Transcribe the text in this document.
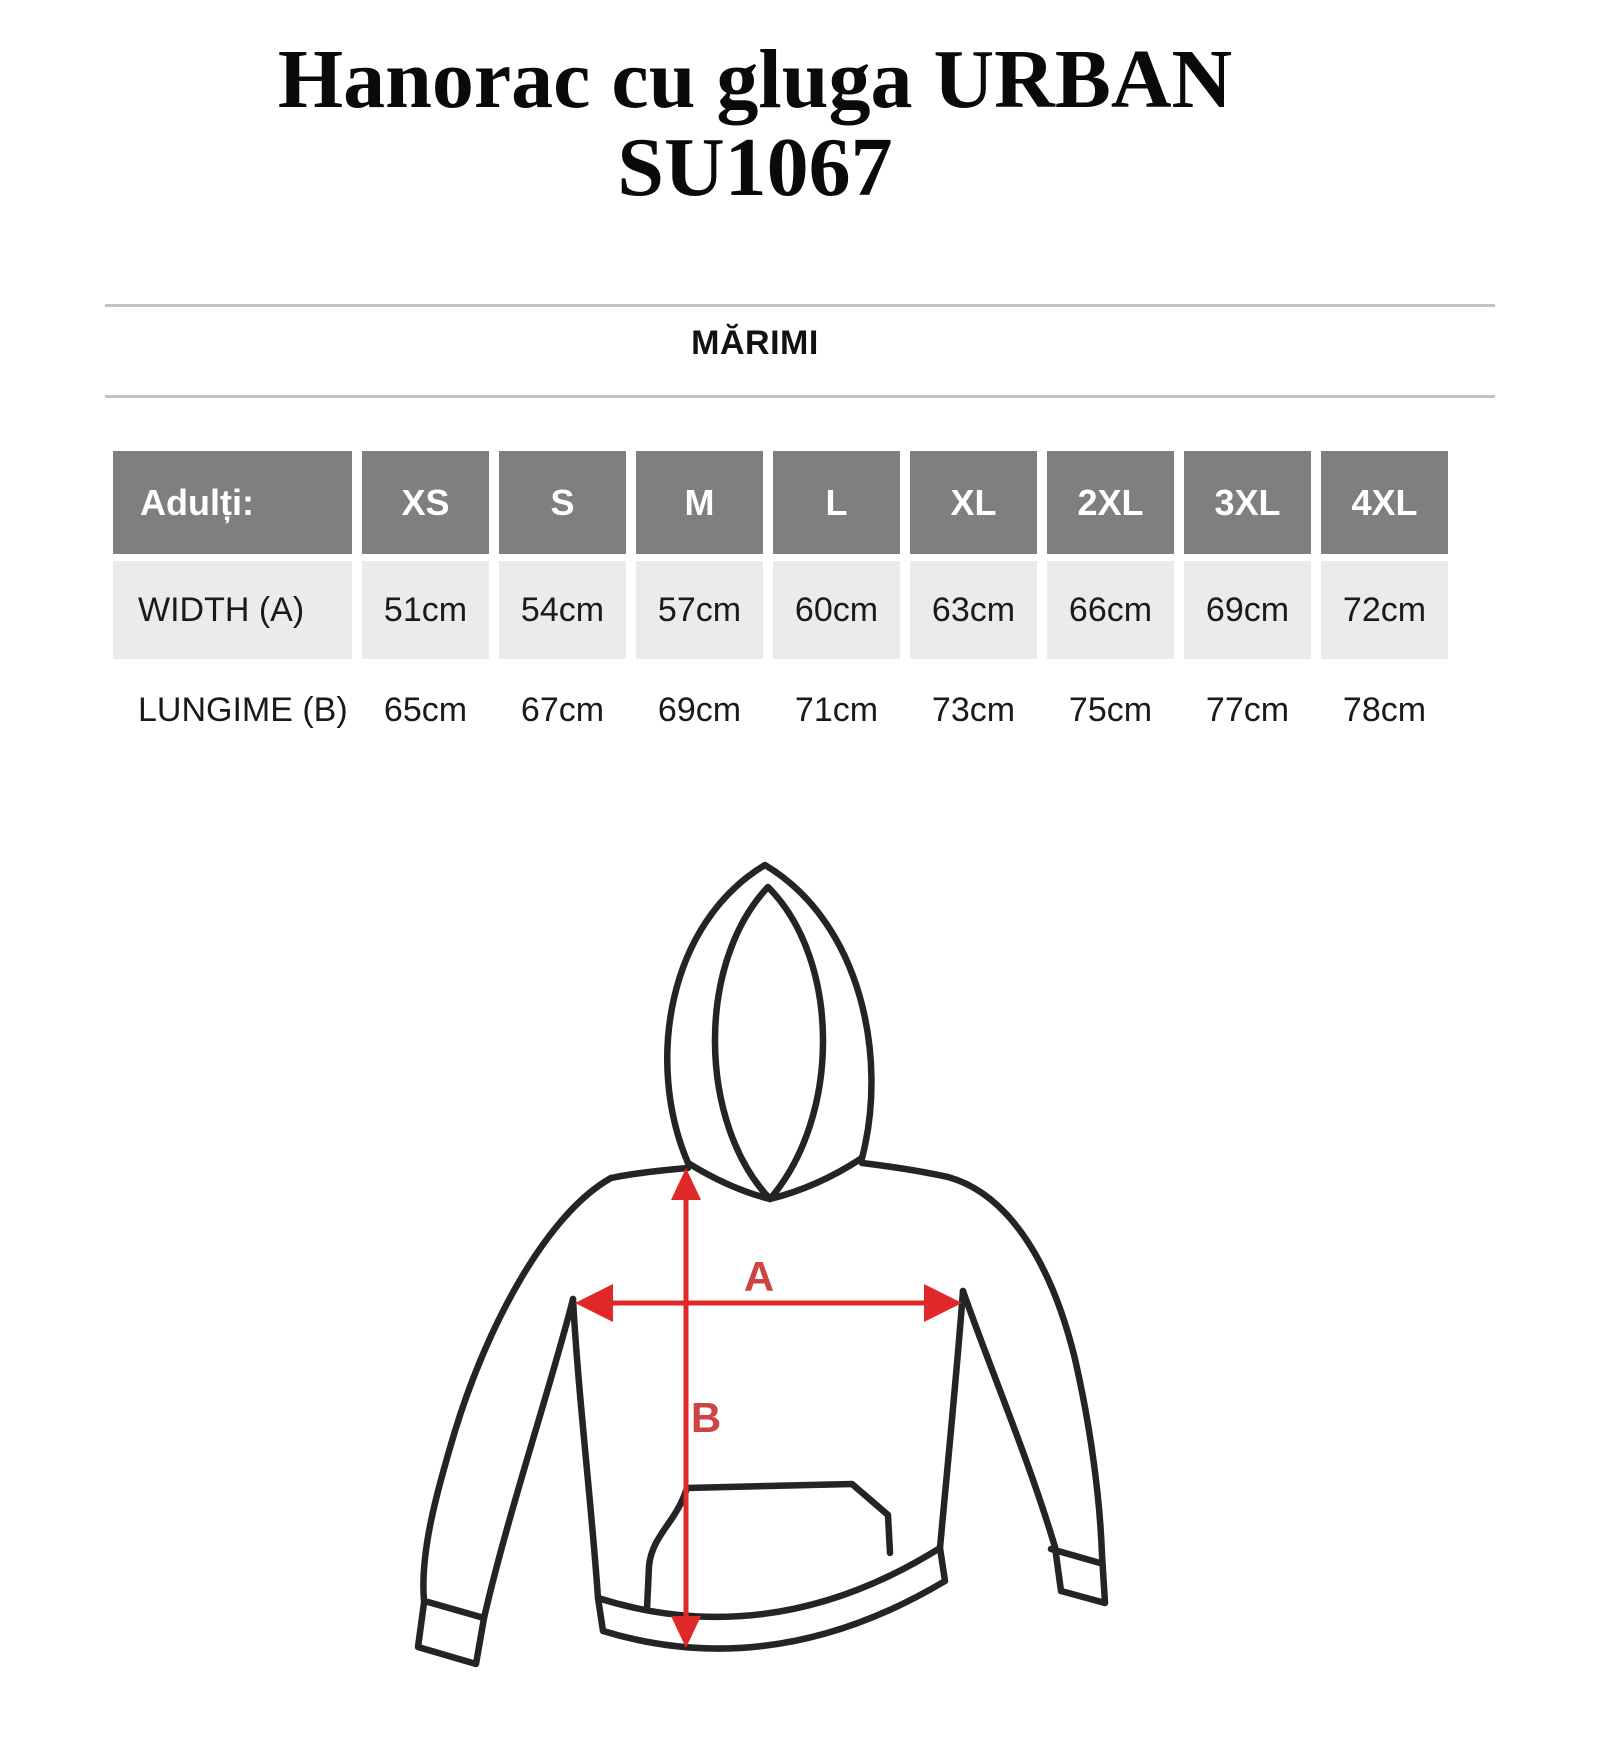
Hanorac cu gluga URBAN
SU1067
MĂRIMI
Adulți:	XS	S	M	L	XL	2XL	3XL	4XL
WIDTH (A)	51cm	54cm	57cm	60cm	63cm	66cm	69cm	72cm
LUNGIME (B)	65cm	67cm	69cm	71cm	73cm	75cm	77cm	78cm
A
B
